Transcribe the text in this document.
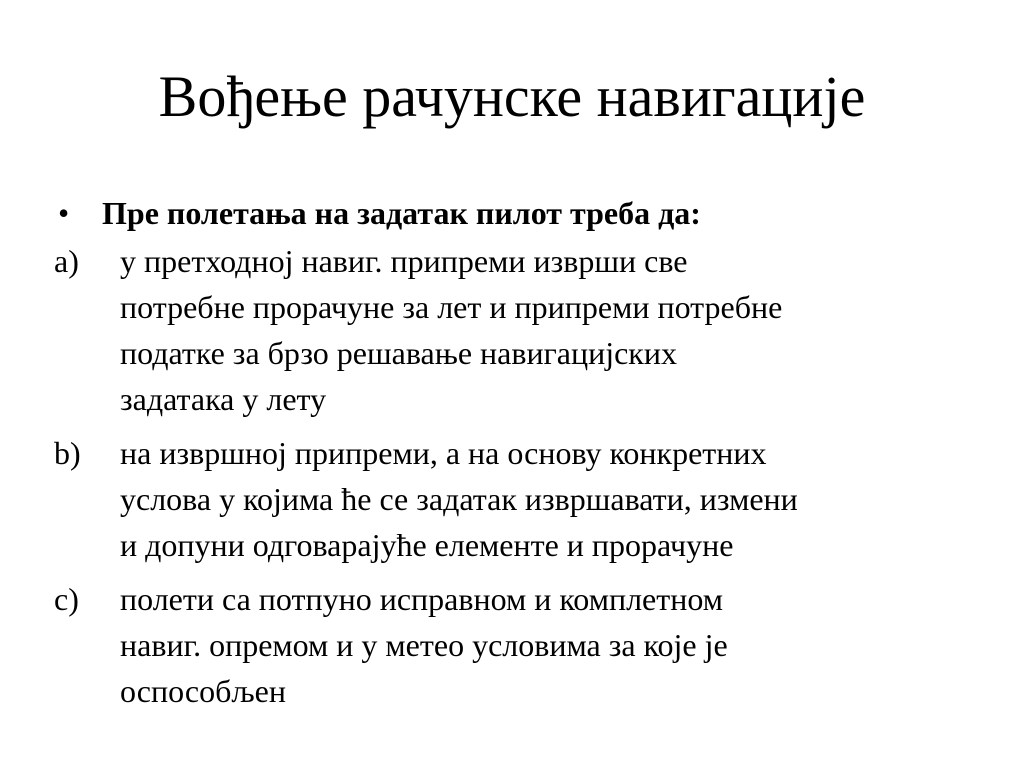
Вођење рачунске навигације
•	Пре полетања на задатак пилот треба да:
a)	у претходној навиг. припреми изврши све
потребне прорачуне за лет и припреми потребне
податке за брзо решавање навигацијских
задатака у лету
b)	на извршној припреми, а на основу конкретних
услова у којима ће се задатак извршавати, измени
и допуни одговарајуће елементе и прорачуне
c)	полети са потпуно исправном и комплетном
навиг. опремом и у метео условима за које је
оспособљен
